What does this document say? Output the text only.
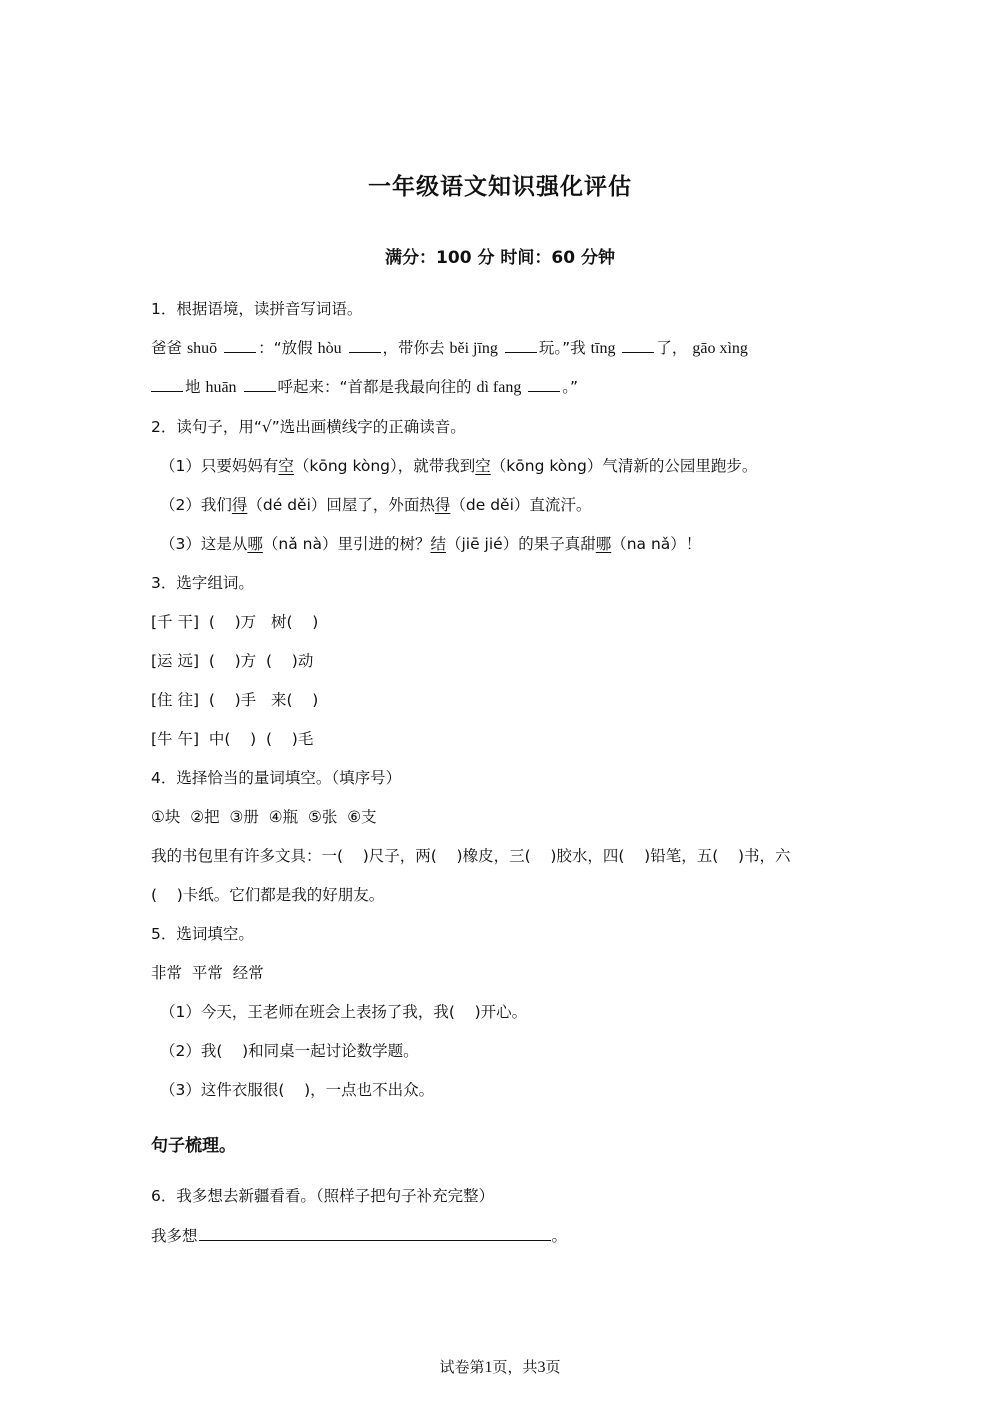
一年级语文知识强化评估
满分：100 分 时间：60 分钟
1．根据语境，读拼音写词语。
爸爸 shuō	：“放假 hòu	，带你去 běi jīng	玩。”我 tīng	了， gāo xìng
地 huān	呼起来：“首都是我最向往的 dì fang	。”
2．读句子，用“√”选出画横线字的正确读音。
（1）只要妈妈有空（kōng kòng），就带我到空（kōng kòng）气清新的公园里跑步。
（2）我们得（dé děi）回屋了，外面热得（de děi）直流汗。
（3）这是从哪（nǎ nà）里引进的树？结（jiē jié）的果子真甜哪（na nǎ）！
3．选字组词。
[千 干]  (    )万   树(    )
[运 远]  (    )方  (    )动
[住 往]  (    )手   来(    )
[牛 午]  中(    )  (    )毛
4．选择恰当的量词填空。（填序号）
①块  ②把  ③册  ④瓶  ⑤张  ⑥支
我的书包里有许多文具：一(    )尺子，两(    )橡皮，三(    )胶水，四(    )铅笔，五(    )书，六
(    )卡纸。它们都是我的好朋友。
5．选词填空。
非常  平常  经常
（1）今天，王老师在班会上表扬了我，我(    )开心。
（2）我(    )和同桌一起讨论数学题。
（3）这件衣服很(    )，一点也不出众。
句子梳理。
6．我多想去新疆看看。（照样子把句子补充完整）
我多想	。
试卷第1页，共3页
